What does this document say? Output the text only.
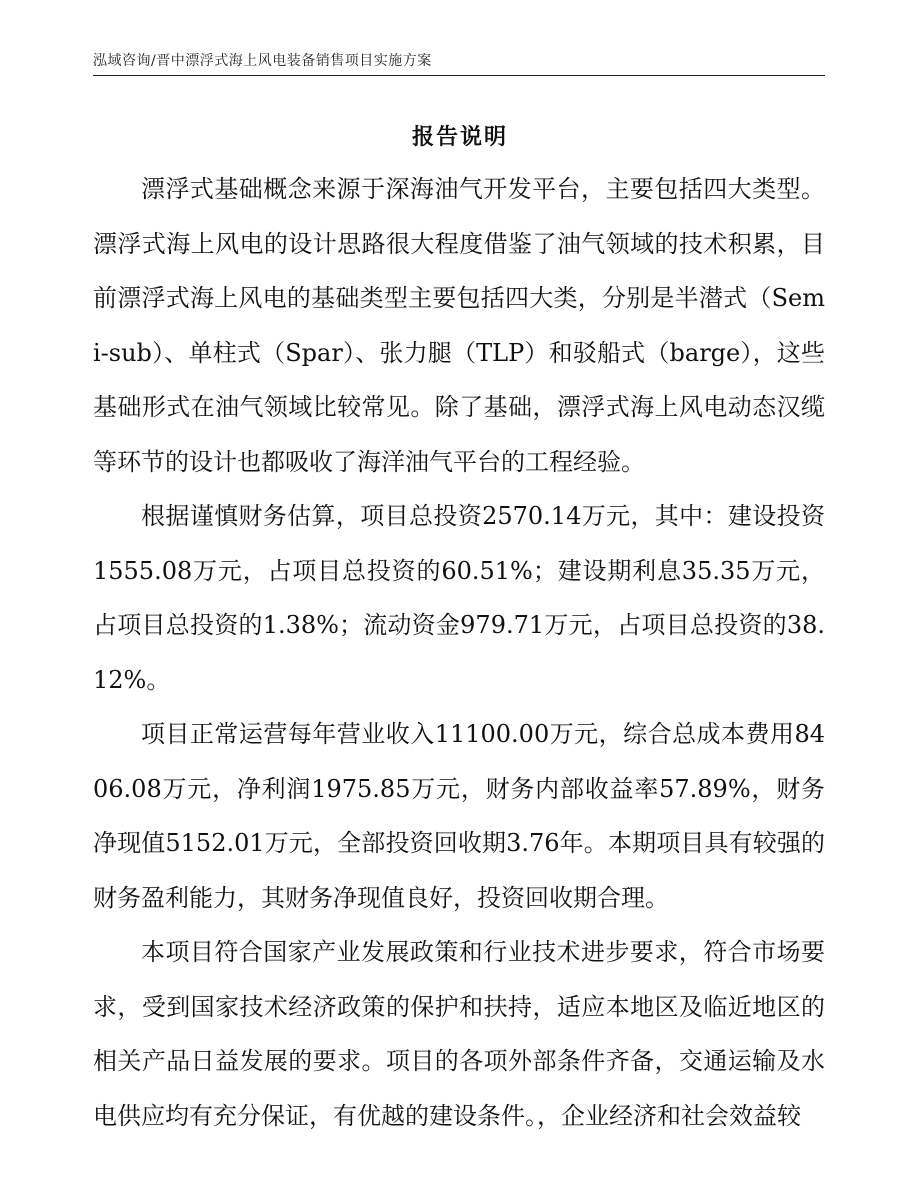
泓域咨询/晋中漂浮式海上风电装备销售项目实施方案
报告说明

漂浮式基础概念来源于深海油气开发平台，主要包括四大类型。漂浮式海上风电的设计思路很大程度借鉴了油气领域的技术积累，目前漂浮式海上风电的基础类型主要包括四大类，分别是半潜式（Semi-sub）、单柱式（Spar）、张力腿（TLP）和驳船式（barge），这些基础形式在油气领域比较常见。除了基础，漂浮式海上风电动态汉缆等环节的设计也都吸收了海洋油气平台的工程经验。

根据谨慎财务估算，项目总投资2570.14万元，其中：建设投资1555.08万元，占项目总投资的60.51%；建设期利息35.35万元，占项目总投资的1.38%；流动资金979.71万元，占项目总投资的38.12%。

项目正常运营每年营业收入11100.00万元，综合总成本费用8406.08万元，净利润1975.85万元，财务内部收益率57.89%，财务净现值5152.01万元，全部投资回收期3.76年。本期项目具有较强的财务盈利能力，其财务净现值良好，投资回收期合理。

本项目符合国家产业发展政策和行业技术进步要求，符合市场要求，受到国家技术经济政策的保护和扶持，适应本地区及临近地区的相关产品日益发展的要求。项目的各项外部条件齐备，交通运输及水电供应均有充分保证，有优越的建设条件。，企业经济和社会效益较
